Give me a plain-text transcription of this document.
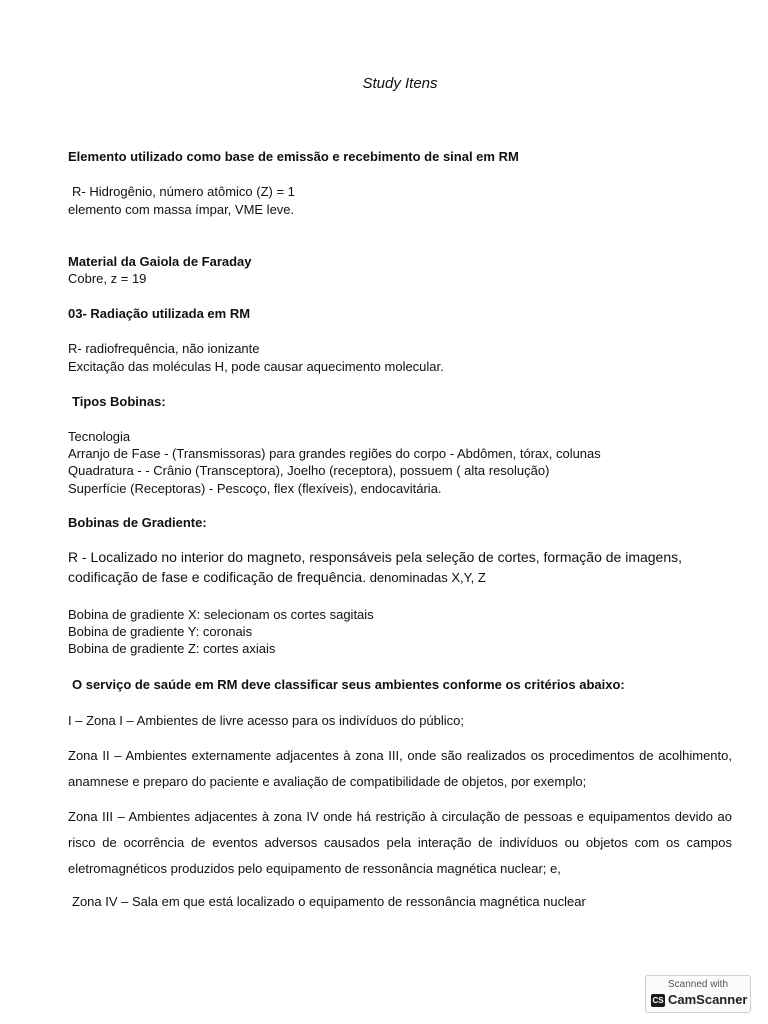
Study Itens
Elemento utilizado como base de emissão e recebimento de sinal em RM
R- Hidrogênio, número atômico (Z) = 1
elemento com massa ímpar, VME leve.
Material da Gaiola de Faraday
Cobre, z = 19
03- Radiação utilizada em RM
R- radiofrequência, não ionizante
Excitação das moléculas H, pode causar aquecimento molecular.
Tipos Bobinas:
Tecnologia
Arranjo de Fase - (Transmissoras) para grandes regiões do corpo - Abdômen, tórax, colunas
Quadratura - - Crânio (Transceptora), Joelho (receptora), possuem ( alta resolução)
Superfície (Receptoras) - Pescoço, flex (flexíveis), endocavitária.
Bobinas de Gradiente:
R - Localizado no interior do magneto, responsáveis pela seleção de cortes, formação de imagens,
codificação de fase e codificação de frequência. denominadas X,Y, Z
Bobina de gradiente X: selecionam os cortes sagitais
Bobina de gradiente Y: coronais
Bobina de gradiente Z: cortes axiais
O serviço de saúde em RM deve classificar seus ambientes conforme os critérios abaixo:
I – Zona I – Ambientes de livre acesso para os indivíduos do público;
Zona II – Ambientes externamente adjacentes à zona III, onde são realizados os procedimentos de acolhimento, anamnese e preparo do paciente e avaliação de compatibilidade de objetos, por exemplo;
Zona III – Ambientes adjacentes à zona IV onde há restrição à circulação de pessoas e equipamentos devido ao risco de ocorrência de eventos adversos causados pela interação de indivíduos ou objetos com os campos eletromagnéticos produzidos pelo equipamento de ressonância magnética nuclear; e,
Zona IV – Sala em que está localizado o equipamento de ressonância magnética nuclear
Scanned with
CS CamScanner
